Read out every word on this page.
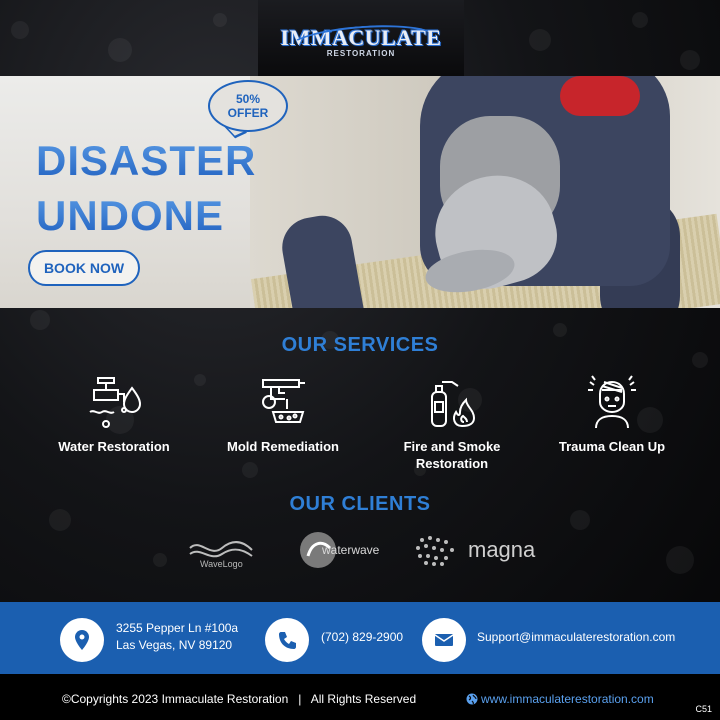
IMMACULATE
RESTORATION
50%
OFFER
DISASTER
UNDONE
BOOK NOW
OUR SERVICES
Water Restoration	Mold Remediation	Fire and Smoke Restoration
Trauma Clean Up
OUR CLIENTS
WaveLogo
waterwave	magna
3255 Pepper Ln #100a
Las Vegas, NV 89120
(702) 829-2900	Support@immaculaterestoration.com
©Copyrights 2023 Immaculate Restoration   |   All Rights Reserved	www.immaculaterestoration.com
C51
